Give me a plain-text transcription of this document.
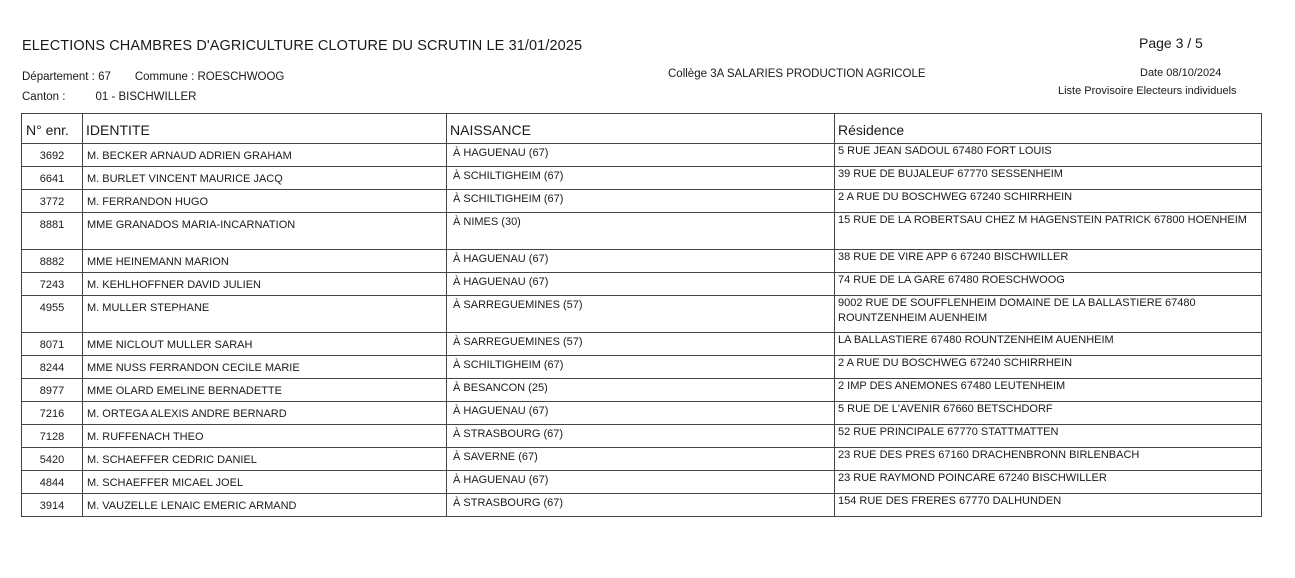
ELECTIONS CHAMBRES D'AGRICULTURE CLOTURE DU SCRUTIN LE 31/01/2025	Page 3 / 5
Département : 67 Commune : ROESCHWOOG
Canton :	01 - BISCHWILLER
Collège 3A SALARIES PRODUCTION AGRICOLE	Date 08/10/2024
Liste Provisoire Electeurs individuels
N° enr.	IDENTITE	NAISSANCE	Résidence
3692	M. BECKER ARNAUD ADRIEN GRAHAM	À HAGUENAU (67)	5 RUE JEAN SADOUL 67480 FORT LOUIS
6641	M. BURLET VINCENT MAURICE JACQ	À SCHILTIGHEIM (67)	39 RUE DE BUJALEUF 67770 SESSENHEIM
3772	M. FERRANDON HUGO	À SCHILTIGHEIM (67)	2 A RUE DU BOSCHWEG 67240 SCHIRRHEIN
8881	MME GRANADOS MARIA-INCARNATION	À NIMES (30)	15 RUE DE LA ROBERTSAU CHEZ M HAGENSTEIN PATRICK 67800 HOENHEIM
8882	MME HEINEMANN MARION	À HAGUENAU (67)	38 RUE DE VIRE APP 6 67240 BISCHWILLER
7243	M. KEHLHOFFNER DAVID JULIEN	À HAGUENAU (67)	74 RUE DE LA GARE 67480 ROESCHWOOG
4955	M. MULLER STEPHANE	À SARREGUEMINES (57)	9002 RUE DE SOUFFLENHEIM DOMAINE DE LA BALLASTIERE 67480 ROUNTZENHEIM AUENHEIM
8071	MME NICLOUT MULLER SARAH	À SARREGUEMINES (57)	LA BALLASTIERE 67480 ROUNTZENHEIM AUENHEIM
8244	MME NUSS FERRANDON CECILE MARIE	À SCHILTIGHEIM (67)	2 A RUE DU BOSCHWEG 67240 SCHIRRHEIN
8977	MME OLARD EMELINE BERNADETTE	À BESANCON (25)	2 IMP DES ANEMONES 67480 LEUTENHEIM
7216	M. ORTEGA ALEXIS ANDRE BERNARD	À HAGUENAU (67)	5 RUE DE L'AVENIR 67660 BETSCHDORF
7128	M. RUFFENACH THEO	À STRASBOURG (67)	52 RUE PRINCIPALE 67770 STATTMATTEN
5420	M. SCHAEFFER CEDRIC DANIEL	À SAVERNE (67)	23 RUE DES PRES 67160 DRACHENBRONN BIRLENBACH
4844	M. SCHAEFFER MICAEL JOEL	À HAGUENAU (67)	23 RUE RAYMOND POINCARE 67240 BISCHWILLER
3914	M. VAUZELLE LENAIC EMERIC ARMAND	À STRASBOURG (67)	154 RUE DES FRERES 67770 DALHUNDEN
